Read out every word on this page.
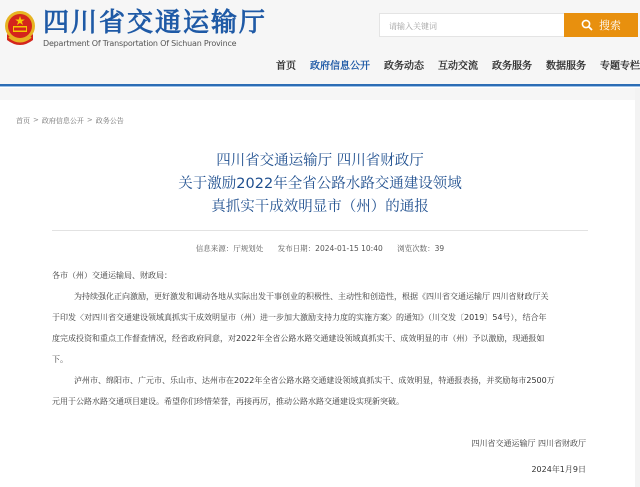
四川省交通运输厅
Department Of Transportation Of Sichuan Province
请输入关键词
搜索
首页 政府信息公开 政务动态 互动交流 政务服务 数据服务 专题专栏
首页 > 政府信息公开 > 政务公告
四川省交通运输厅 四川省财政厅
关于激励2022年全省公路水路交通建设领域
真抓实干成效明显市（州）的通报
信息来源：厅规划处 发布日期：2024-01-15 10:40 浏览次数：39
各市（州）交通运输局、财政局：
为持续强化正向激励，更好激发和调动各地从实际出发干事创业的积极性、主动性和创造性，根据《四川省交通运输厅 四川省财政厅关
于印发〈对四川省交通建设领域真抓实干成效明显市（州）进一步加大激励支持力度的实施方案〉的通知》（川交发〔2019〕54号），结合年
度完成投资和重点工作督查情况，经省政府同意，对2022年全省公路水路交通建设领域真抓实干、成效明显的市（州）予以激励，现通报如
下。
泸州市、绵阳市、广元市、乐山市、达州市在2022年全省公路水路交通建设领域真抓实干、成效明显，特通报表扬，并奖励每市2500万
元用于公路水路交通项目建设。希望你们珍惜荣誉，再接再厉，推动公路水路交通建设实现新突破。
四川省交通运输厅 四川省财政厅
2024年1月9日
